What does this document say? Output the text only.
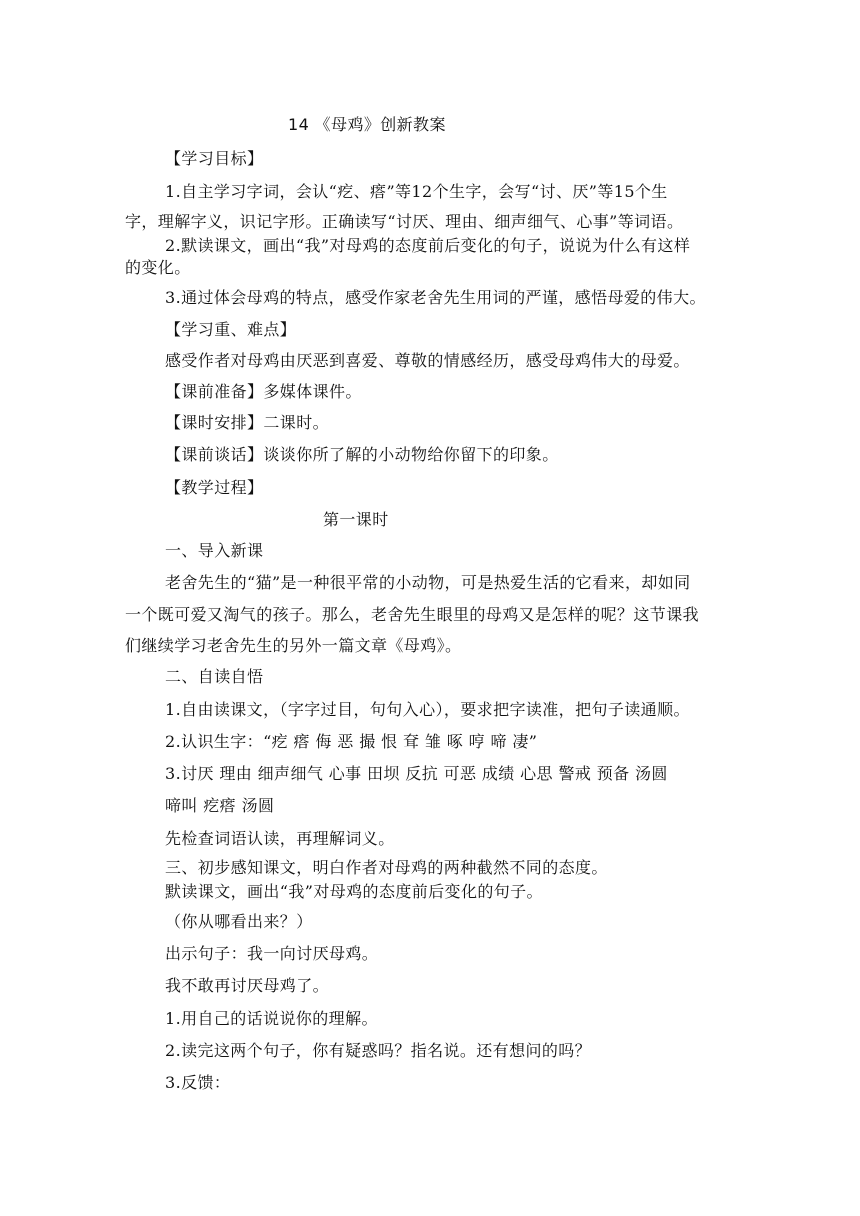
14 《母鸡》创新教案
【学习目标】
1.自主学习字词，会认“疙、瘩”等12个生字，会写“讨、厌”等15个生
字，理解字义，识记字形。正确读写“讨厌、理由、细声细气、心事”等词语。
2.默读课文，画出“我”对母鸡的态度前后变化的句子，说说为什么有这样
的变化。
3.通过体会母鸡的特点，感受作家老舍先生用词的严谨，感悟母爱的伟大。
【学习重、难点】
感受作者对母鸡由厌恶到喜爱、尊敬的情感经历，感受母鸡伟大的母爱。
【课前准备】多媒体课件。
【课时安排】二课时。
【课前谈话】谈谈你所了解的小动物给你留下的印象。
【教学过程】
第一课时
一、导入新课
老舍先生的“猫”是一种很平常的小动物，可是热爱生活的它看来，却如同
一个既可爱又淘气的孩子。那么，老舍先生眼里的母鸡又是怎样的呢？这节课我
们继续学习老舍先生的另外一篇文章《母鸡》。
二、自读自悟
1.自由读课文，（字字过目，句句入心），要求把字读准，把句子读通顺。
2.认识生字：“疙 瘩 侮 恶 撮 恨 耷 雏 啄 哼 啼 凄”
3.讨厌 理由 细声细气 心事 田坝 反抗 可恶 成绩 心思 警戒 预备 汤圆
啼叫 疙瘩 汤圆
先检查词语认读，再理解词义。
三、初步感知课文，明白作者对母鸡的两种截然不同的态度。
默读课文，画出“我”对母鸡的态度前后变化的句子。
（你从哪看出来？）
出示句子：我一向讨厌母鸡。
我不敢再讨厌母鸡了。
1.用自己的话说说你的理解。
2.读完这两个句子，你有疑惑吗？指名说。还有想问的吗？
3.反馈：
